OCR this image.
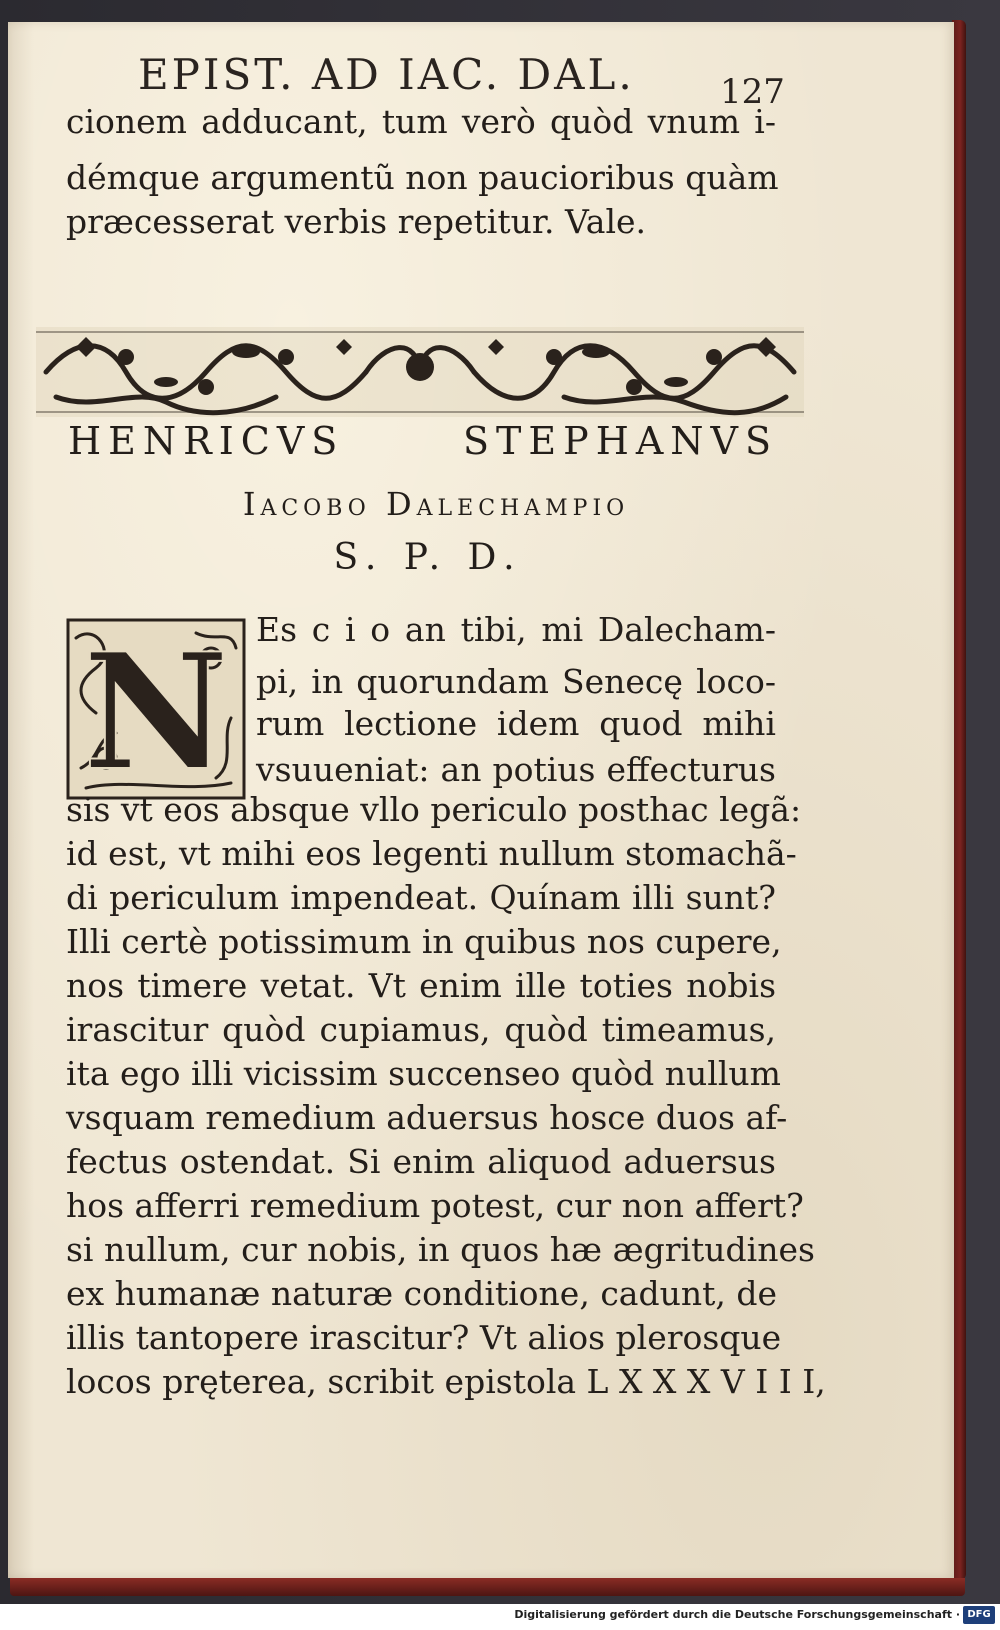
EPIST. AD IAC. DAL.	127
cionem adducant, tum verò quòd vnum i-
démque argumentũ non paucioribus quàm
præcesserat verbis repetitur. Vale.
HENRICVS STEPHANVS
Iacobo Dalechampio
S. P. D.
N Es c i o an tibi, mi Dalecham-
pi, in quorundam Senecę loco-
rum lectione idem quod mihi
vsuueniat: an potius effecturus
sis vt eos absque vllo periculo posthac legã:
id est, vt mihi eos legenti nullum stomachã-
di periculum impendeat. Quínam illi sunt?
Illi certè potissimum in quibus nos cupere,
nos timere vetat. Vt enim ille toties nobis
irascitur quòd cupiamus, quòd timeamus,
ita ego illi vicissim succenseo quòd nullum
vsquam remedium aduersus hosce duos af-
fectus ostendat. Si enim aliquod aduersus
hos afferri remedium potest, cur non affert?
si nullum, cur nobis, in quos hæ ægritudines
ex humanæ naturæ conditione, cadunt, de
illis tantopere irascitur? Vt alios plerosque
locos pręterea, scribit epistola L X X X V I I I,
Digitalisierung gefördert durch die Deutsche Forschungsgemeinschaft · DFG
